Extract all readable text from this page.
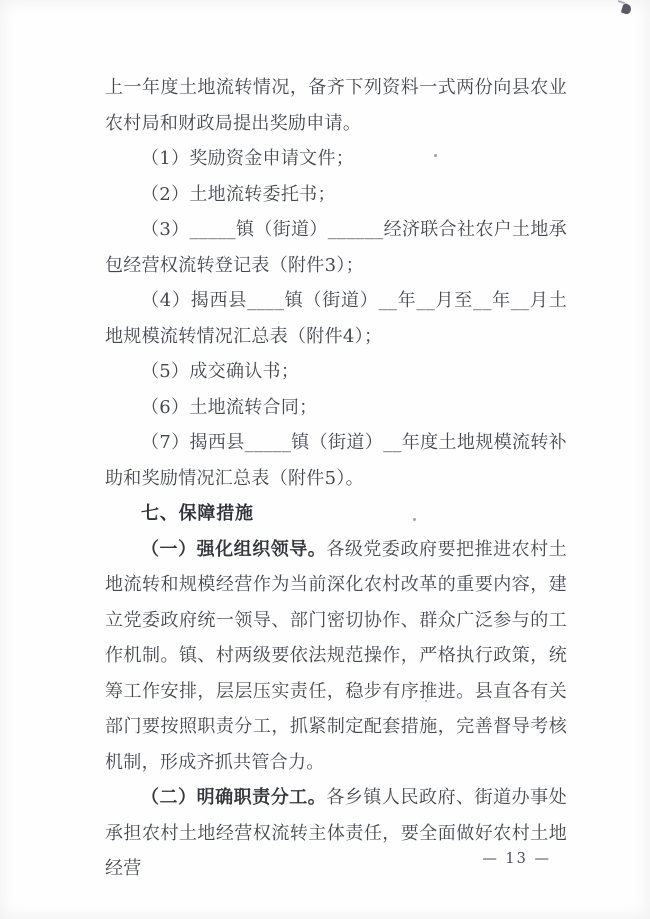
上一年度土地流转情况，备齐下列资料一式两份向县农业农村局和财政局提出奖励申请。

（1）奖励资金申请文件；

（2）土地流转委托书；

（3）_____镇（街道）______经济联合社农户土地承包经营权流转登记表（附件3）；

（4）揭西县____镇（街道）__年__月至__年__月土地规模流转情况汇总表（附件4）；

（5）成交确认书；

（6）土地流转合同；

（7）揭西县_____镇（街道）__年度土地规模流转补助和奖励情况汇总表（附件5）。

七、保障措施

（一）强化组织领导。各级党委政府要把推进农村土地流转和规模经营作为当前深化农村改革的重要内容，建立党委政府统一领导、部门密切协作、群众广泛参与的工作机制。镇、村两级要依法规范操作，严格执行政策，统筹工作安排，层层压实责任，稳步有序推进。县直各有关部门要按照职责分工，抓紧制定配套措施，完善督导考核机制，形成齐抓共管合力。

（二）明确职责分工。各乡镇人民政府、街道办事处承担农村土地经营权流转主体责任，要全面做好农村土地经营	— 13 —
